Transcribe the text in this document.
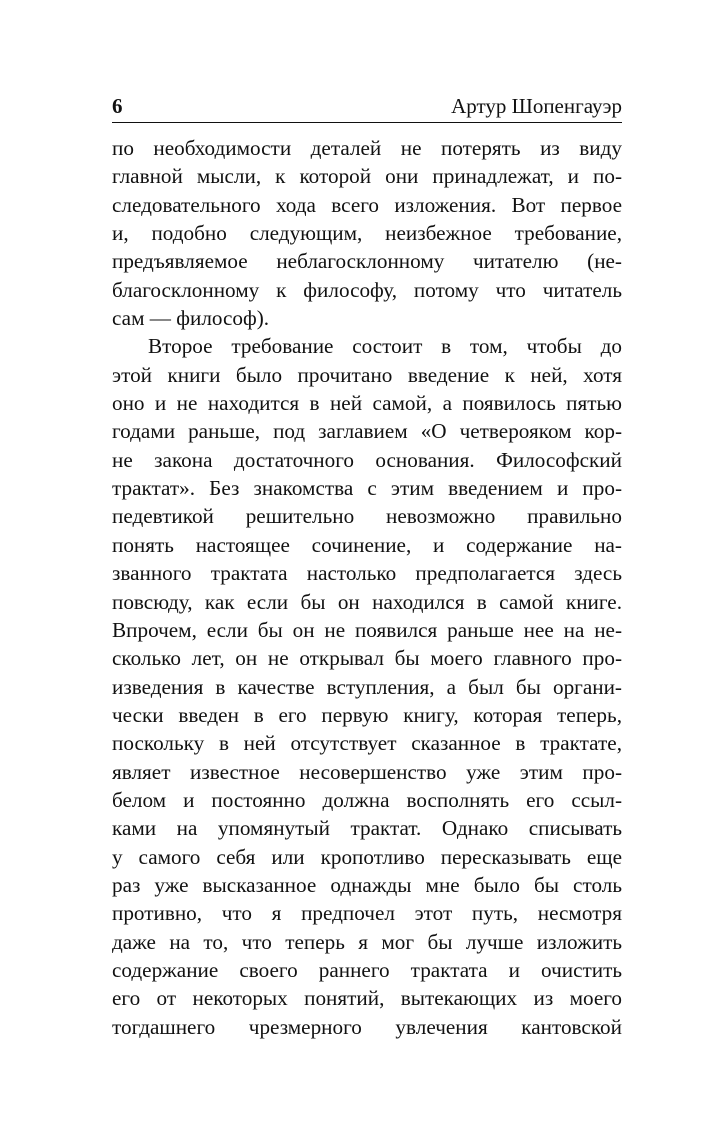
6	Артур Шопенгауэр
по необходимости деталей не потерять из виду
главной мысли, к которой они принадлежат, и по-
следовательного хода всего изложения. Вот первое
и, подобно следующим, неизбежное требование,
предъявляемое неблагосклонному читателю (не-
благосклонному к философу, потому что читатель
сам — философ).
Второе требование состоит в том, чтобы до
этой книги было прочитано введение к ней, хотя
оно и не находится в ней самой, а появилось пятью
годами раньше, под заглавием «О четверояком кор-
не закона достаточного основания. Философский
трактат». Без знакомства с этим введением и про-
педевтикой решительно невозможно правильно
понять настоящее сочинение, и содержание на-
званного трактата настолько предполагается здесь
повсюду, как если бы он находился в самой книге.
Впрочем, если бы он не появился раньше нее на не-
сколько лет, он не открывал бы моего главного про-
изведения в качестве вступления, а был бы органи-
чески введен в его первую книгу, которая теперь,
поскольку в ней отсутствует сказанное в трактате,
являет известное несовершенство уже этим про-
белом и постоянно должна восполнять его ссыл-
ками на упомянутый трактат. Однако списывать
у самого себя или кропотливо пересказывать еще
раз уже высказанное однажды мне было бы столь
противно, что я предпочел этот путь, несмотря
даже на то, что теперь я мог бы лучше изложить
содержание своего раннего трактата и очистить
его от некоторых понятий, вытекающих из моего
тогдашнего чрезмерного увлечения кантовской
